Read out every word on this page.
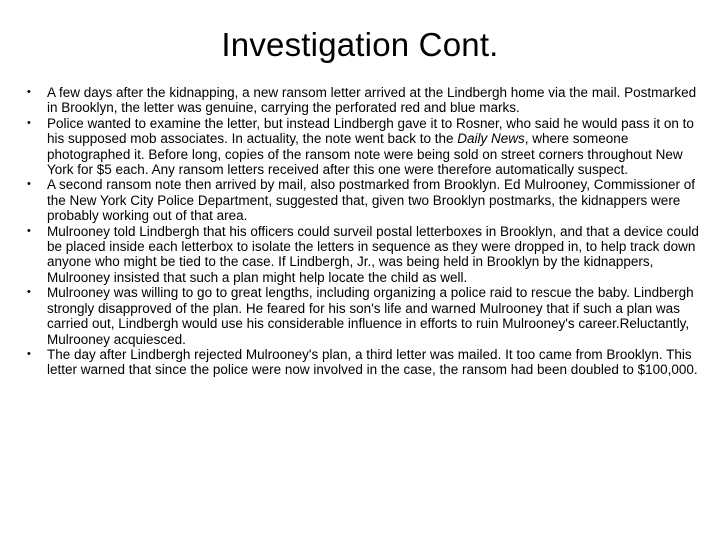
Investigation Cont.
•	A few days after the kidnapping, a new ransom letter arrived at the Lindbergh home via the mail. Postmarked in Brooklyn, the letter was genuine, carrying the perforated red and blue marks.
•	Police wanted to examine the letter, but instead Lindbergh gave it to Rosner, who said he would pass it on to his supposed mob associates. In actuality, the note went back to the Daily News, where someone photographed it. Before long, copies of the ransom note were being sold on street corners throughout New York for $5 each. Any ransom letters received after this one were therefore automatically suspect.
•	A second ransom note then arrived by mail, also postmarked from Brooklyn. Ed Mulrooney, Commissioner of the New York City Police Department, suggested that, given two Brooklyn postmarks, the kidnappers were probably working out of that area.
•	Mulrooney told Lindbergh that his officers could surveil postal letterboxes in Brooklyn, and that a device could be placed inside each letterbox to isolate the letters in sequence as they were dropped in, to help track down anyone who might be tied to the case. If Lindbergh, Jr., was being held in Brooklyn by the kidnappers, Mulrooney insisted that such a plan might help locate the child as well.
•	Mulrooney was willing to go to great lengths, including organizing a police raid to rescue the baby. Lindbergh strongly disapproved of the plan. He feared for his son's life and warned Mulrooney that if such a plan was carried out, Lindbergh would use his considerable influence in efforts to ruin Mulrooney's career.Reluctantly, Mulrooney acquiesced.
•	The day after Lindbergh rejected Mulrooney's plan, a third letter was mailed. It too came from Brooklyn. This letter warned that since the police were now involved in the case, the ransom had been doubled to $100,000.
